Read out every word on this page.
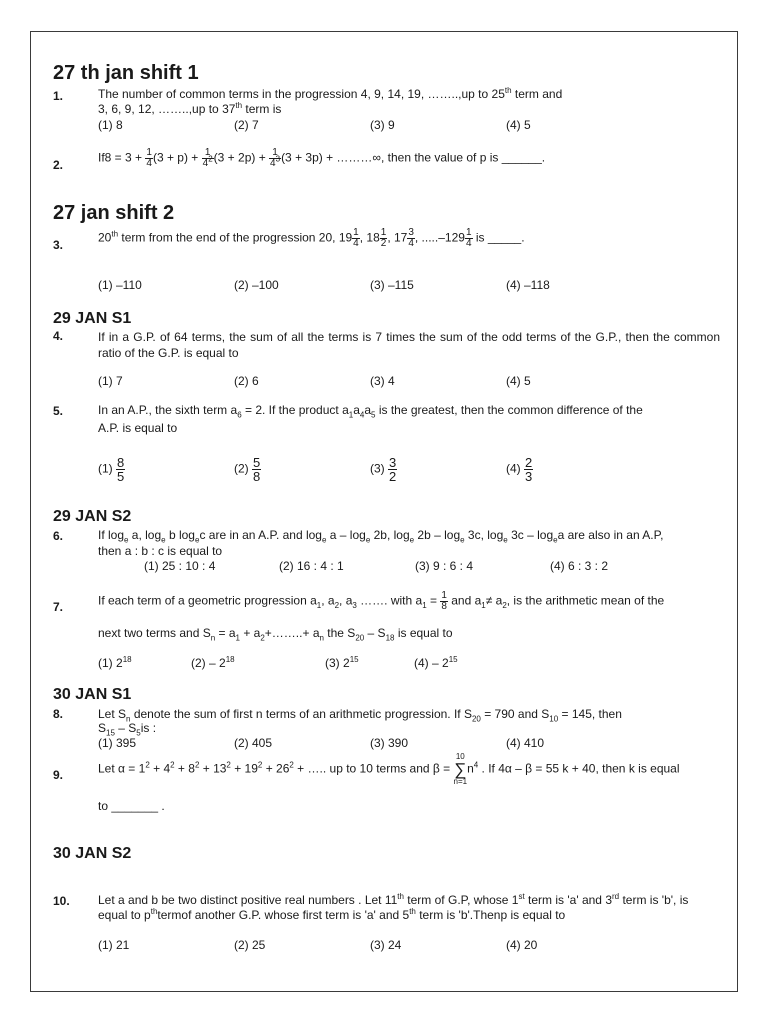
27 th jan shift 1
1.	The number of common terms in the progression 4, 9, 14, 19, ……..,up to 25th term and
3, 6, 9, 12, ……..,up to 37th term is
(1) 8	(2) 7	(3) 9	(4) 5
2.
$If8 = 3 + \frac{1}{4} (3 + p) + \frac{1}{4^2} (3 + 2p) + \frac{1}{4^3} (3 + 3p)$ + ………∞, then the value of p is ______.
27 jan shift 2
3.
20th term from the end of the progression 20, $19 \frac{1}{4}$ , $18 \frac{1}{2}$ , $17 \frac{3}{4}$ , $.....-129 \frac{1}{4}$ is _____.
(1) –110	(2) –100	(3) –115	(4) –118
29 JAN S1
4.	If in a G.P. of 64 terms, the sum of all the terms is 7 times the sum of the odd terms of the G.P., then the common ratio of the G.P. is equal to
(1) 7	(2) 6	(3) 4	(4) 5
5.	In an A.P., the sixth term $a_6 = 2$. If the product $a_1a_4a_5$ is the greatest, then the common difference of the
A.P. is equal to
$(1) \frac{8}{5}$	$(2) \frac{5}{8}$	$(3) \frac{3}{2}$	$(4) \frac{2}{3}$
29 JAN S2
6.	If $\log_e a$, $\log_e b$ $\log_ec$ are in an A.P. and $\log_e a - \log_e 2b$, $\log_e 2b - \log_e 3c$, $\log_e 3c - \log_ea$ are also in an A.P,
then a : b : c is equal to
(1) 25 : 10 : 4	(2) 16 : 4 : 1	(3) 9 : 6 : 4	(4) 6 : 3 : 2
7.	If each term of a geometric progression $a_1$, $a_2$, $a_3$ ……. with $a_1 = \frac{1}{8}$ and $a_1\ne a_2$, is the arithmetic mean of the
next two terms and $S_n = a_1$ + $a_2+\dots\dots..+ a_n$ the $S_{20} - S_{18}$ is equal to
(1) $2^{18}$	$(2) - 2^{18}$	(3) $2^{15}$	$(4) - 2^{15}$
30 JAN S1
8.	Let $S_n$ denote the sum of first n terms of an arithmetic progression. If $S_{20} = 790$ and $S_{10} = 145$, then
$S_{15} - S_5is$ :
(1) 395	(2) 405	(3) 390	(4) 410
9.	Let $\alpha = 1^2 + 4^2 + 8^2 + 13^2 + 19^2 + 26^2$ + ….. up to 10 terms and β =
10
∑
n=1
$n^4$ . If 4α – β = 55 k + 40, then k is equal
to _______ .
30 JAN S2
10. Let a and b be two distinct positive real numbers . Let 11th term of G.P, whose 1st term is 'a' and 3rd term is 'b', is
equal to $p^{th}termof$ another G.P. whose first term is 'a' and 5th term is 'b'.Thenp is equal to
(1) 21	(2) 25	(3) 24	(4) 20
